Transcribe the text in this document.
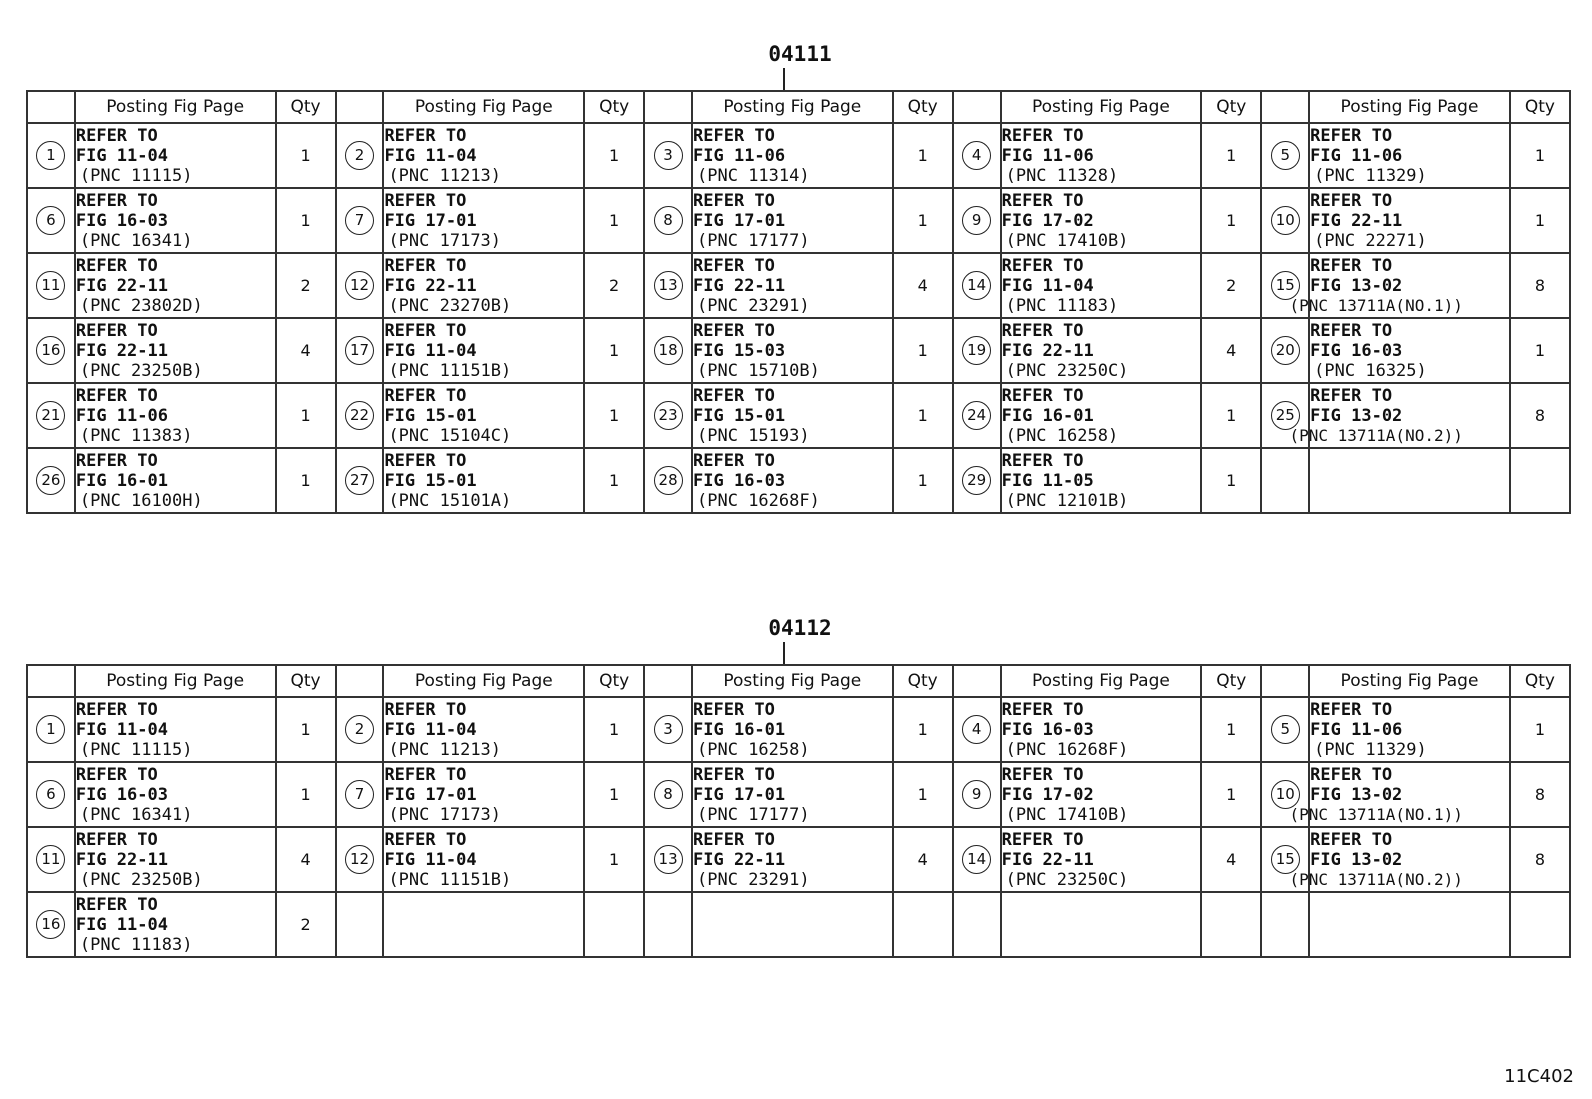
04111
	Posting Fig Page	Qty		Posting Fig Page	Qty		Posting Fig Page	Qty		Posting Fig Page	Qty		Posting Fig Page	Qty
1	REFER TO
FIG 11-04
(PNC 11115)	1	2	REFER TO
FIG 11-04
(PNC 11213)	1	3	REFER TO
FIG 11-06
(PNC 11314)	1	4	REFER TO
FIG 11-06
(PNC 11328)	1	5	REFER TO
FIG 11-06
(PNC 11329)	1
6	REFER TO
FIG 16-03
(PNC 16341)	1	7	REFER TO
FIG 17-01
(PNC 17173)	1	8	REFER TO
FIG 17-01
(PNC 17177)	1	9	REFER TO
FIG 17-02
(PNC 17410B)	1	10	REFER TO
FIG 22-11
(PNC 22271)	1
11	REFER TO
FIG 22-11
(PNC 23802D)	2	12	REFER TO
FIG 22-11
(PNC 23270B)	2	13	REFER TO
FIG 22-11
(PNC 23291)	4	14	REFER TO
FIG 11-04
(PNC 11183)	2	15	REFER TO
FIG 13-02
(PNC 13711A(NO.1))	8
16	REFER TO
FIG 22-11
(PNC 23250B)	4	17	REFER TO
FIG 11-04
(PNC 11151B)	1	18	REFER TO
FIG 15-03
(PNC 15710B)	1	19	REFER TO
FIG 22-11
(PNC 23250C)	4	20	REFER TO
FIG 16-03
(PNC 16325)	1
21	REFER TO
FIG 11-06
(PNC 11383)	1	22	REFER TO
FIG 15-01
(PNC 15104C)	1	23	REFER TO
FIG 15-01
(PNC 15193)	1	24	REFER TO
FIG 16-01
(PNC 16258)	1	25	REFER TO
FIG 13-02
(PNC 13711A(NO.2))	8
26	REFER TO
FIG 16-01
(PNC 16100H)	1	27	REFER TO
FIG 15-01
(PNC 15101A)	1	28	REFER TO
FIG 16-03
(PNC 16268F)	1	29	REFER TO
FIG 11-05
(PNC 12101B)	1			
04112
	Posting Fig Page	Qty		Posting Fig Page	Qty		Posting Fig Page	Qty		Posting Fig Page	Qty		Posting Fig Page	Qty
1	REFER TO
FIG 11-04
(PNC 11115)	1	2	REFER TO
FIG 11-04
(PNC 11213)	1	3	REFER TO
FIG 16-01
(PNC 16258)	1	4	REFER TO
FIG 16-03
(PNC 16268F)	1	5	REFER TO
FIG 11-06
(PNC 11329)	1
6	REFER TO
FIG 16-03
(PNC 16341)	1	7	REFER TO
FIG 17-01
(PNC 17173)	1	8	REFER TO
FIG 17-01
(PNC 17177)	1	9	REFER TO
FIG 17-02
(PNC 17410B)	1	10	REFER TO
FIG 13-02
(PNC 13711A(NO.1))	8
11	REFER TO
FIG 22-11
(PNC 23250B)	4	12	REFER TO
FIG 11-04
(PNC 11151B)	1	13	REFER TO
FIG 22-11
(PNC 23291)	4	14	REFER TO
FIG 22-11
(PNC 23250C)	4	15	REFER TO
FIG 13-02
(PNC 13711A(NO.2))	8
16	REFER TO
FIG 11-04
(PNC 11183)	2												
11C402
